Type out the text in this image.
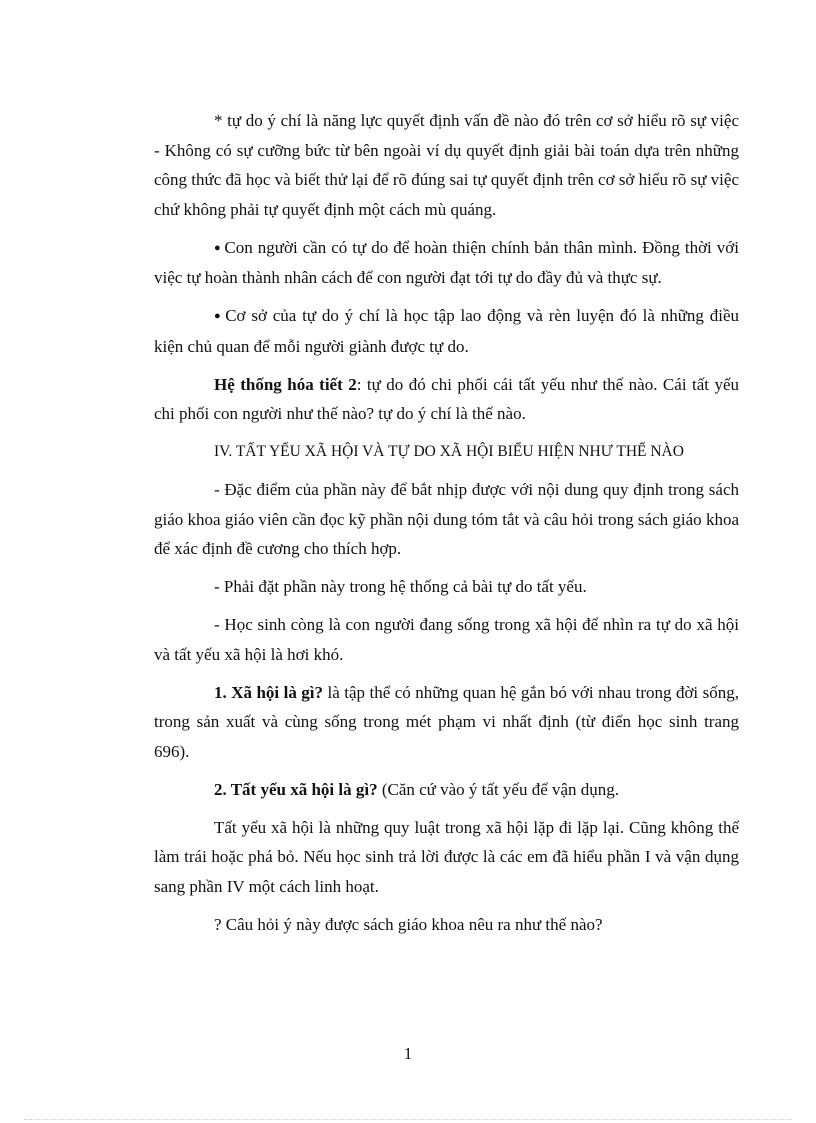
* tự do ý chí là năng lực quyết định vấn đề nào đó trên cơ sở hiểu rõ sự việc - Không có sự cưỡng bức từ bên ngoài ví dụ quyết định giải bài toán dựa trên những công thức đã học và biết thử lại để rõ đúng sai tự quyết định trên cơ sở hiểu rõ sự việc chứ không phải tự quyết định một cách mù quáng.

● Con người cần có tự do để hoàn thiện chính bản thân mình. Đồng thời với việc tự hoàn thành nhân cách để con người đạt tới tự do đầy đủ và thực sự.

● Cơ sở của tự do ý chí là học tập lao động và rèn luyện đó là những điều kiện chủ quan để mỗi người giành được tự do.

Hệ thống hóa tiết 2: tự do đó chi phối cái tất yếu như thế nào. Cái tất yếu chi phối con người như thế nào? tự do ý chí là thế nào.

IV. TẤT YẾU XÃ HỘI VÀ TỰ DO XÃ HỘI BIỂU HIỆN NHƯ THẾ NÀO

- Đặc điểm của phần này để bắt nhịp được với nội dung quy định trong sách giáo khoa giáo viên cần đọc kỹ phần nội dung tóm tắt và câu hỏi trong sách giáo khoa để xác định đề cương cho thích hợp.

- Phải đặt phần này trong hệ thống cả bài tự do tất yếu.

- Học sinh còng là con người đang sống trong xã hội để nhìn ra tự do xã hội và tất yếu xã hội là hơi khó.

1. Xã hội là gì? là tập thể có những quan hệ gắn bó với nhau trong đời sống, trong sản xuất và cùng sống trong mét phạm vi nhất định (từ điển học sinh trang 696).

2. Tất yếu xã hội là gì? (Căn cứ vào ý tất yếu để vận dụng.

Tất yếu xã hội là những quy luật trong xã hội lặp đi lặp lại. Cũng không thể làm trái hoặc phá bỏ. Nếu học sinh trả lời được là các em đã hiểu phần I và vận dụng sang phần IV một cách linh hoạt.

? Câu hỏi ý này được sách giáo khoa nêu ra như thế nào?

1
